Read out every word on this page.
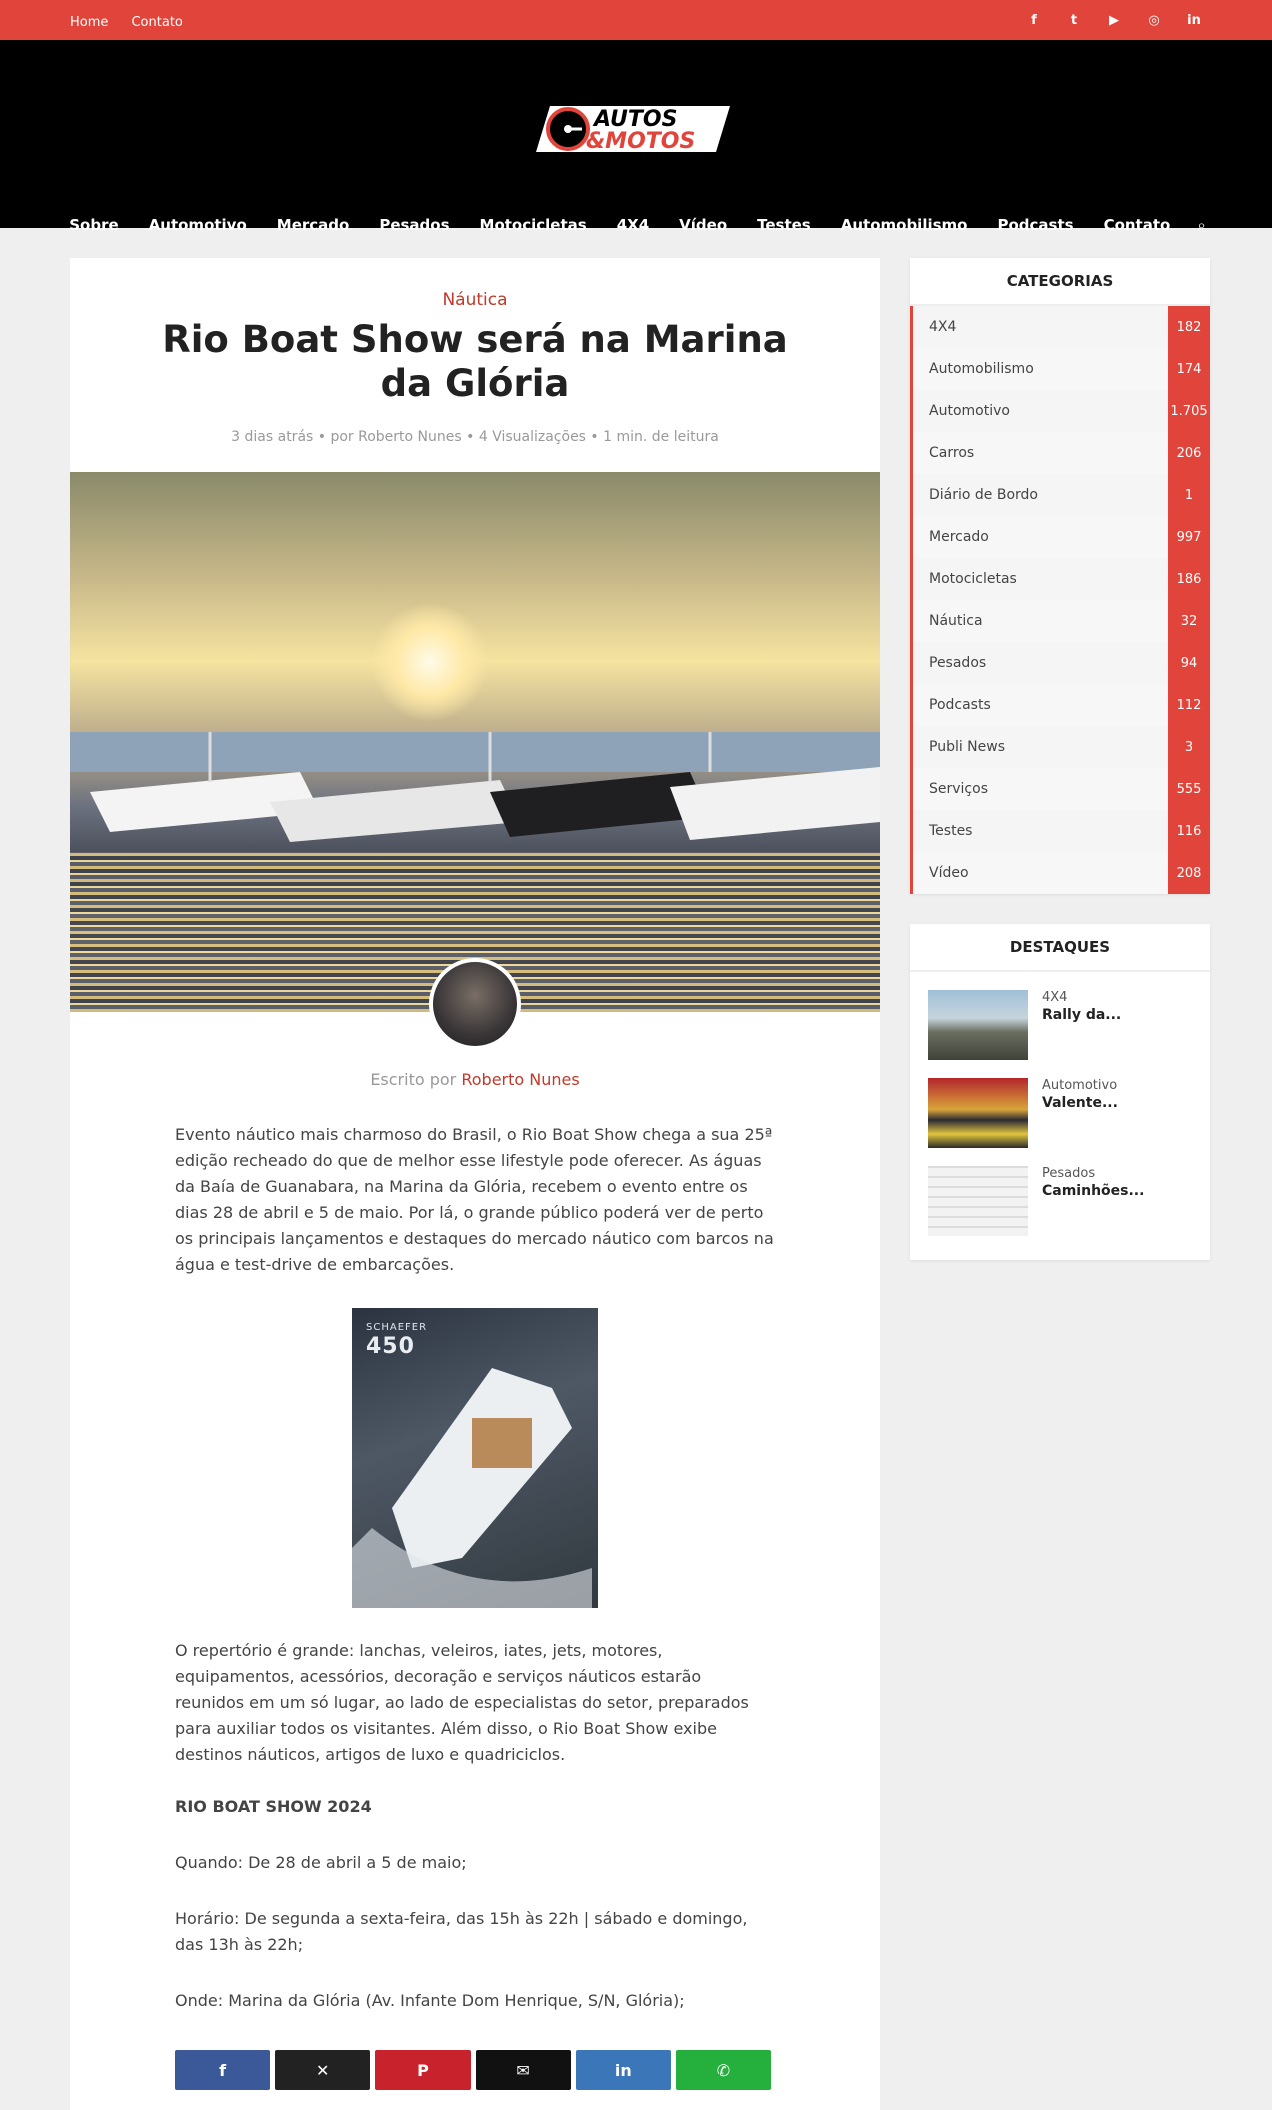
Home Contato	f	t	▶ ◎ in
AUTOS
&MOTOS
Sobre	Automotivo	Mercado	Pesados	Motocicletas	4X4	Vídeo	Testes	Automobilismo	Podcasts	Contato	⌕
Náutica
Rio Boat Show será na Marina da Glória
3 dias atrás • por Roberto Nunes • 4 Visualizações • 1 min. de leitura
Escrito por Roberto Nunes

Evento náutico mais charmoso do Brasil, o Rio Boat Show chega a sua 25ª edição recheado do que de melhor esse lifestyle pode oferecer. As águas da Baía de Guanabara, na Marina da Glória, recebem o evento entre os dias 28 de abril e 5 de maio. Por lá, o grande público poderá ver de perto os principais lançamentos e destaques do mercado náutico com barcos na água e test-drive de embarcações.

SCHAEFER
450

O repertório é grande: lanchas, veleiros, iates, jets, motores, equipamentos, acessórios, decoração e serviços náuticos estarão reunidos em um só lugar, ao lado de especialistas do setor, preparados para auxiliar todos os visitantes. Além disso, o Rio Boat Show exibe destinos náuticos, artigos de luxo e quadriciclos.

RIO BOAT SHOW 2024

Quando: De 28 de abril a 5 de maio;

Horário: De segunda a sexta-feira, das 15h às 22h | sábado e domingo, das 13h às 22h;

Onde: Marina da Glória (Av. Infante Dom Henrique, S/N, Glória);

f	✕	P	✉	in	✆
CATEGORIAS
4X4	182
Automobilismo	174
Automotivo	1.705
Carros	206
Diário de Bordo	1
Mercado	997
Motocicletas	186
Náutica	32
Pesados	94
Podcasts	112
Publi News	3
Serviços	555
Testes	116
Vídeo	208
DESTAQUES
4X4
Rally da...
Automotivo
Valente...
Pesados
Caminhões...
